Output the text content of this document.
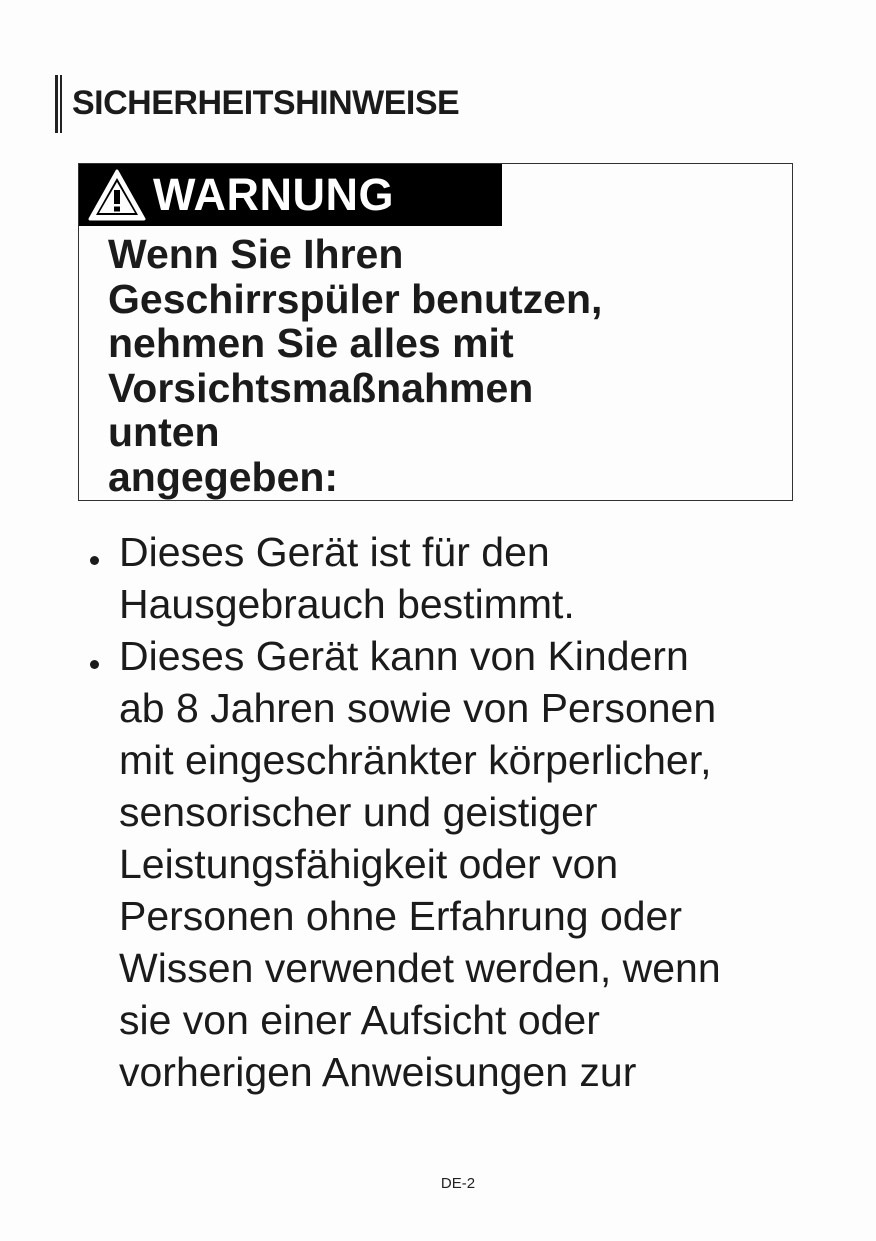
SICHERHEITSHINWEISE
WARNUNG
Wenn Sie Ihren
Geschirrspüler benutzen,
nehmen Sie alles mit
Vorsichtsmaßnahmen
unten
angegeben:
Dieses Gerät ist für den
Hausgebrauch bestimmt.
Dieses Gerät kann von Kindern
ab 8 Jahren sowie von Personen
mit eingeschränkter körperlicher,
sensorischer und geistiger
Leistungsfähigkeit oder von
Personen ohne Erfahrung oder
Wissen verwendet werden, wenn
sie von einer Aufsicht oder
vorherigen Anweisungen zur
DE-2
